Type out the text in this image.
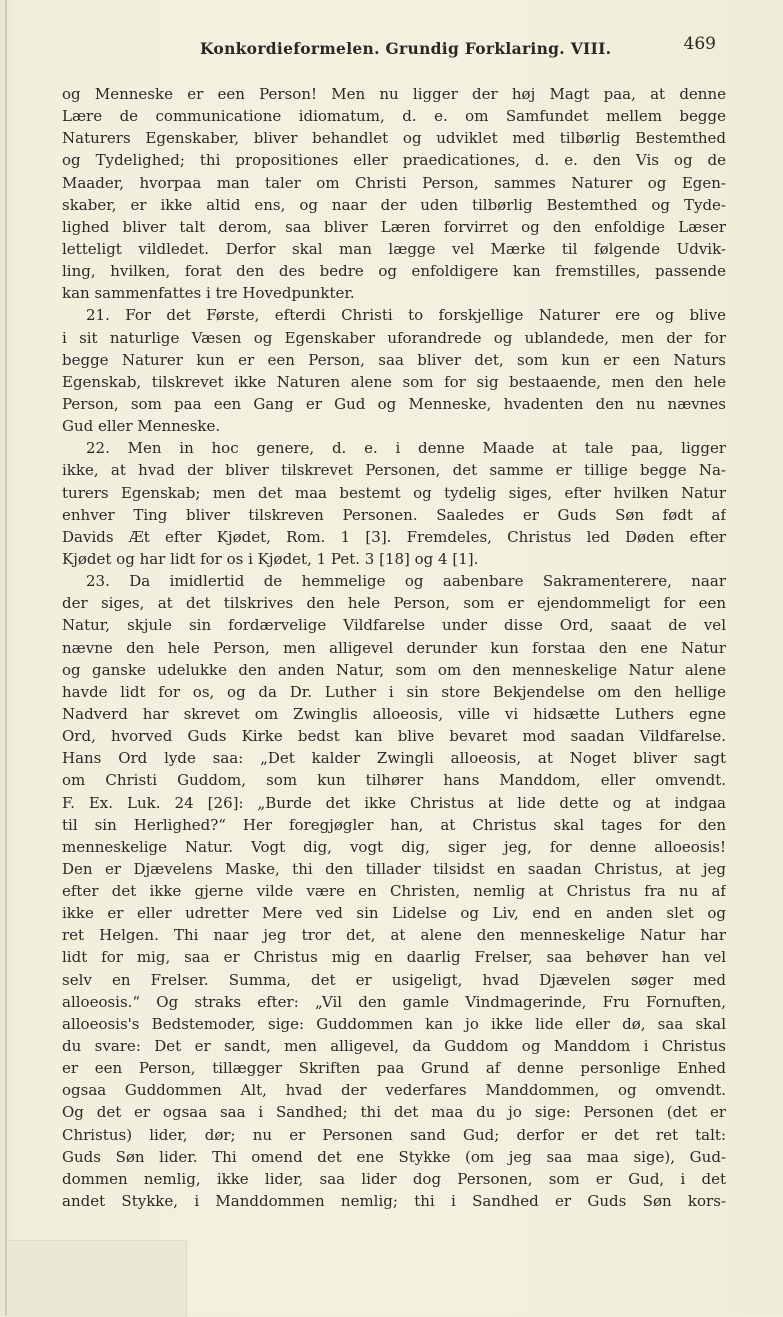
Konkordieformelen. Grundig Forklaring. VIII.	469
og Menneske er een Person! Men nu ligger der høj Magt paa, at denne
Lære de communicatione idiomatum, d. e. om Samfundet mellem begge
Naturers Egenskaber, bliver behandlet og udviklet med tilbørlig Bestemthed
og Tydelighed; thi propositiones eller praedicationes, d. e. den Vis og de
Maader, hvorpaa man taler om Christi Person, sammes Naturer og Egen-
skaber, er ikke altid ens, og naar der uden tilbørlig Bestemthed og Tyde-
lighed bliver talt derom, saa bliver Læren forvirret og den enfoldige Læser
letteligt vildledet. Derfor skal man lægge vel Mærke til følgende Udvik-
ling, hvilken, forat den des bedre og enfoldigere kan fremstilles, passende
kan sammenfattes i tre Hovedpunkter.
21. For det Første, efterdi Christi to forskjellige Naturer ere og blive
i sit naturlige Væsen og Egenskaber uforandrede og ublandede, men der for
begge Naturer kun er een Person, saa bliver det, som kun er een Naturs
Egenskab, tilskrevet ikke Naturen alene som for sig bestaaende, men den hele
Person, som paa een Gang er Gud og Menneske, hvadenten den nu nævnes
Gud eller Menneske.
22. Men in hoc genere, d. e. i denne Maade at tale paa, ligger
ikke, at hvad der bliver tilskrevet Personen, det samme er tillige begge Na-
turers Egenskab; men det maa bestemt og tydelig siges, efter hvilken Natur
enhver Ting bliver tilskreven Personen. Saaledes er Guds Søn født af
Davids Æt efter Kjødet, Rom. 1 [3]. Fremdeles, Christus led Døden efter
Kjødet og har lidt for os i Kjødet, 1 Pet. 3 [18] og 4 [1].
23. Da imidlertid de hemmelige og aabenbare Sakramenterere, naar
der siges, at det tilskrives den hele Person, som er ejendommeligt for een
Natur, skjule sin fordærvelige Vildfarelse under disse Ord, saaat de vel
nævne den hele Person, men alligevel derunder kun forstaa den ene Natur
og ganske udelukke den anden Natur, som om den menneskelige Natur alene
havde lidt for os, og da Dr. Luther i sin store Bekjendelse om den hellige
Nadverd har skrevet om Zwinglis alloeosis, ville vi hidsætte Luthers egne
Ord, hvorved Guds Kirke bedst kan blive bevaret mod saadan Vildfarelse.
Hans Ord lyde saa: „Det kalder Zwingli alloeosis, at Noget bliver sagt
om Christi Guddom, som kun tilhører hans Manddom, eller omvendt.
F. Ex. Luk. 24 [26]: „Burde det ikke Christus at lide dette og at indgaa
til sin Herlighed?“ Her foregjøgler han, at Christus skal tages for den
menneskelige Natur. Vogt dig, vogt dig, siger jeg, for denne alloeosis!
Den er Djævelens Maske, thi den tillader tilsidst en saadan Christus, at jeg
efter det ikke gjerne vilde være en Christen, nemlig at Christus fra nu af
ikke er eller udretter Mere ved sin Lidelse og Liv, end en anden slet og
ret Helgen. Thi naar jeg tror det, at alene den menneskelige Natur har
lidt for mig, saa er Christus mig en daarlig Frelser, saa behøver han vel
selv en Frelser. Summa, det er usigeligt, hvad Djævelen søger med
alloeosis.“ Og straks efter: „Vil den gamle Vindmagerinde, Fru Fornuften,
alloeosis's Bedstemoder, sige: Guddommen kan jo ikke lide eller dø, saa skal
du svare: Det er sandt, men alligevel, da Guddom og Manddom i Christus
er een Person, tillægger Skriften paa Grund af denne personlige Enhed
ogsaa Guddommen Alt, hvad der vederfares Manddommen, og omvendt.
Og det er ogsaa saa i Sandhed; thi det maa du jo sige: Personen (det er
Christus) lider, dør; nu er Personen sand Gud; derfor er det ret talt:
Guds Søn lider. Thi omend det ene Stykke (om jeg saa maa sige), Gud-
dommen nemlig, ikke lider, saa lider dog Personen, som er Gud, i det
andet Stykke, i Manddommen nemlig; thi i Sandhed er Guds Søn kors-
